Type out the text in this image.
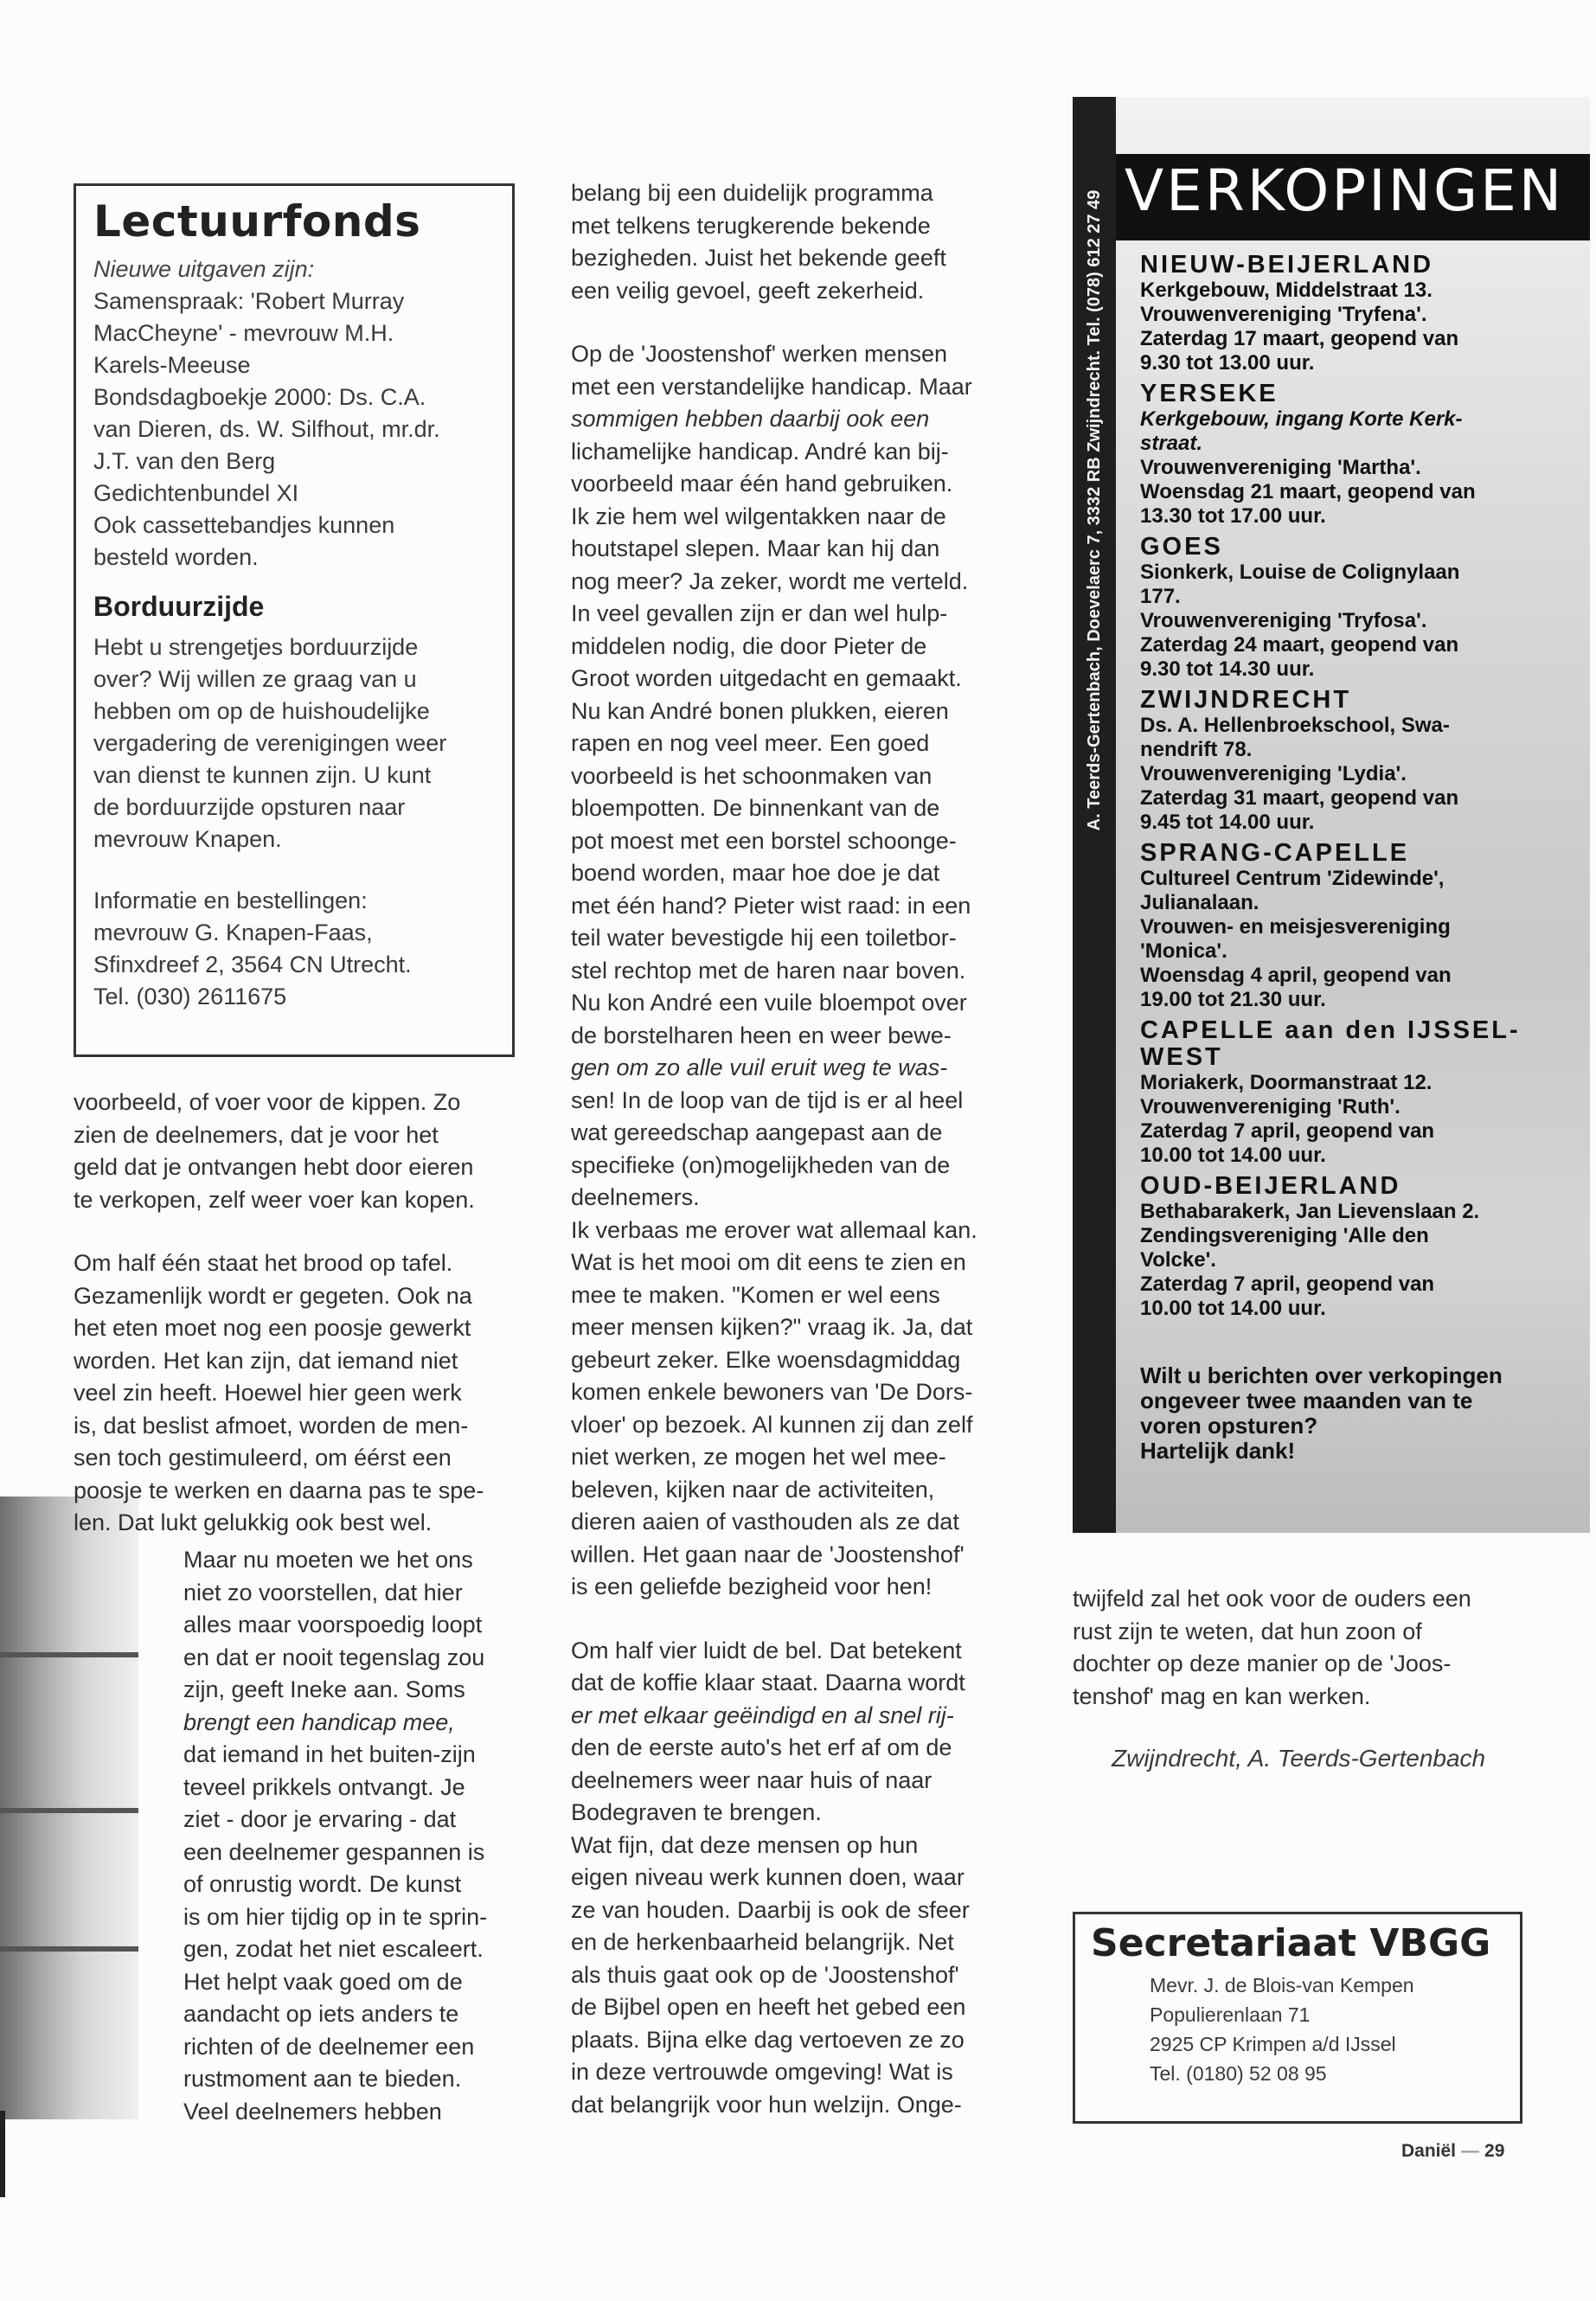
Lectuurfonds

Nieuwe uitgaven zijn:

Samenspraak: 'Robert Murray

MacCheyne' - mevrouw M.H.

Karels-Meeuse

Bondsdagboekje 2000: Ds. C.A.

van Dieren, ds. W. Silfhout, mr.dr.

J.T. van den Berg

Gedichtenbundel XI

Ook cassettebandjes kunnen

besteld worden.

Borduurzijde

Hebt u strengetjes borduurzijde

over? Wij willen ze graag van u

hebben om op de huishoudelijke

vergadering de verenigingen weer

van dienst te kunnen zijn. U kunt

de borduurzijde opsturen naar

mevrouw Knapen.

Informatie en bestellingen:

mevrouw G. Knapen-Faas,

Sfinxdreef 2, 3564 CN Utrecht.

Tel. (030) 2611675

voorbeeld, of voer voor de kippen. Zo

zien de deelnemers, dat je voor het

geld dat je ontvangen hebt door eieren

te verkopen, zelf weer voer kan kopen.

Om half één staat het brood op tafel.

Gezamenlijk wordt er gegeten. Ook na

het eten moet nog een poosje gewerkt

worden. Het kan zijn, dat iemand niet

veel zin heeft. Hoewel hier geen werk

is, dat beslist afmoet, worden de men-

sen toch gestimuleerd, om éérst een

poosje te werken en daarna pas te spe-

len. Dat lukt gelukkig ook best wel.

Maar nu moeten we het ons

niet zo voorstellen, dat hier

alles maar voorspoedig loopt

en dat er nooit tegenslag zou

zijn, geeft Ineke aan. Soms

brengt een handicap mee,

dat iemand in het buiten-zijn

teveel prikkels ontvangt. Je

ziet - door je ervaring - dat

een deelnemer gespannen is

of onrustig wordt. De kunst

is om hier tijdig op in te sprin-

gen, zodat het niet escaleert.

Het helpt vaak goed om de

aandacht op iets anders te

richten of de deelnemer een

rustmoment aan te bieden.

Veel deelnemers hebben

belang bij een duidelijk programma

met telkens terugkerende bekende

bezigheden. Juist het bekende geeft

een veilig gevoel, geeft zekerheid.

Op de 'Joostenshof' werken mensen

met een verstandelijke handicap. Maar

sommigen hebben daarbij ook een

lichamelijke handicap. André kan bij-

voorbeeld maar één hand gebruiken.

Ik zie hem wel wilgentakken naar de

houtstapel slepen. Maar kan hij dan

nog meer? Ja zeker, wordt me verteld.

In veel gevallen zijn er dan wel hulp-

middelen nodig, die door Pieter de

Groot worden uitgedacht en gemaakt.

Nu kan André bonen plukken, eieren

rapen en nog veel meer. Een goed

voorbeeld is het schoonmaken van

bloempotten. De binnenkant van de

pot moest met een borstel schoonge-

boend worden, maar hoe doe je dat

met één hand? Pieter wist raad: in een

teil water bevestigde hij een toiletbor-

stel rechtop met de haren naar boven.

Nu kon André een vuile bloempot over

de borstelharen heen en weer bewe-

gen om zo alle vuil eruit weg te was-

sen! In de loop van de tijd is er al heel

wat gereedschap aangepast aan de

specifieke (on)mogelijkheden van de

deelnemers.

Ik verbaas me erover wat allemaal kan.

Wat is het mooi om dit eens te zien en

mee te maken. "Komen er wel eens

meer mensen kijken?" vraag ik. Ja, dat

gebeurt zeker. Elke woensdagmiddag

komen enkele bewoners van 'De Dors-

vloer' op bezoek. Al kunnen zij dan zelf

niet werken, ze mogen het wel mee-

beleven, kijken naar de activiteiten,

dieren aaien of vasthouden als ze dat

willen. Het gaan naar de 'Joostenshof'

is een geliefde bezigheid voor hen!

Om half vier luidt de bel. Dat betekent

dat de koffie klaar staat. Daarna wordt

er met elkaar geëindigd en al snel rij-

den de eerste auto's het erf af om de

deelnemers weer naar huis of naar

Bodegraven te brengen.

Wat fijn, dat deze mensen op hun

eigen niveau werk kunnen doen, waar

ze van houden. Daarbij is ook de sfeer

en de herkenbaarheid belangrijk. Net

als thuis gaat ook op de 'Joostenshof'

de Bijbel open en heeft het gebed een

plaats. Bijna elke dag vertoeven ze zo

in deze vertrouwde omgeving! Wat is

dat belangrijk voor hun welzijn. Onge-

A. Teerds-Gertenbach, Doevelaerc 7, 3332 RB Zwijndrecht. Tel. (078) 612 27 49 VERKOPINGEN
NIEUW-BEIJERLAND
Kerkgebouw, Middelstraat 13.
Vrouwenvereniging 'Tryfena'.
Zaterdag 17 maart, geopend van
9.30 tot 13.00 uur.
YERSEKE
Kerkgebouw, ingang Korte Kerk-
straat.
Vrouwenvereniging 'Martha'.
Woensdag 21 maart, geopend van
13.30 tot 17.00 uur.
GOES
Sionkerk, Louise de Colignylaan
177.
Vrouwenvereniging 'Tryfosa'.
Zaterdag 24 maart, geopend van
9.30 tot 14.30 uur.
ZWIJNDRECHT
Ds. A. Hellenbroekschool, Swa-
nendrift 78.
Vrouwenvereniging 'Lydia'.
Zaterdag 31 maart, geopend van
9.45 tot 14.00 uur.
SPRANG-CAPELLE
Cultureel Centrum 'Zidewinde',
Julianalaan.
Vrouwen- en meisjesvereniging
'Monica'.
Woensdag 4 april, geopend van
19.00 tot 21.30 uur.
CAPELLE aan den IJSSEL-WEST
Moriakerk, Doormanstraat 12.
Vrouwenvereniging 'Ruth'.
Zaterdag 7 april, geopend van
10.00 tot 14.00 uur.
OUD-BEIJERLAND
Bethabarakerk, Jan Lievenslaan 2.
Zendingsvereniging 'Alle den
Volcke'.
Zaterdag 7 april, geopend van
10.00 tot 14.00 uur.
Wilt u berichten over verkopingen
ongeveer twee maanden van te
voren opsturen?
Hartelijk dank!

twijfeld zal het ook voor de ouders een

rust zijn te weten, dat hun zoon of

dochter op deze manier op de 'Joos-

tenshof' mag en kan werken.

Zwijndrecht, A. Teerds-Gertenbach
Secretariaat VBGG
Mevr. J. de Blois-van Kempen
Populierenlaan 71
2925 CP Krimpen a/d IJssel
Tel. (0180) 52 08 95
Daniël — 29
